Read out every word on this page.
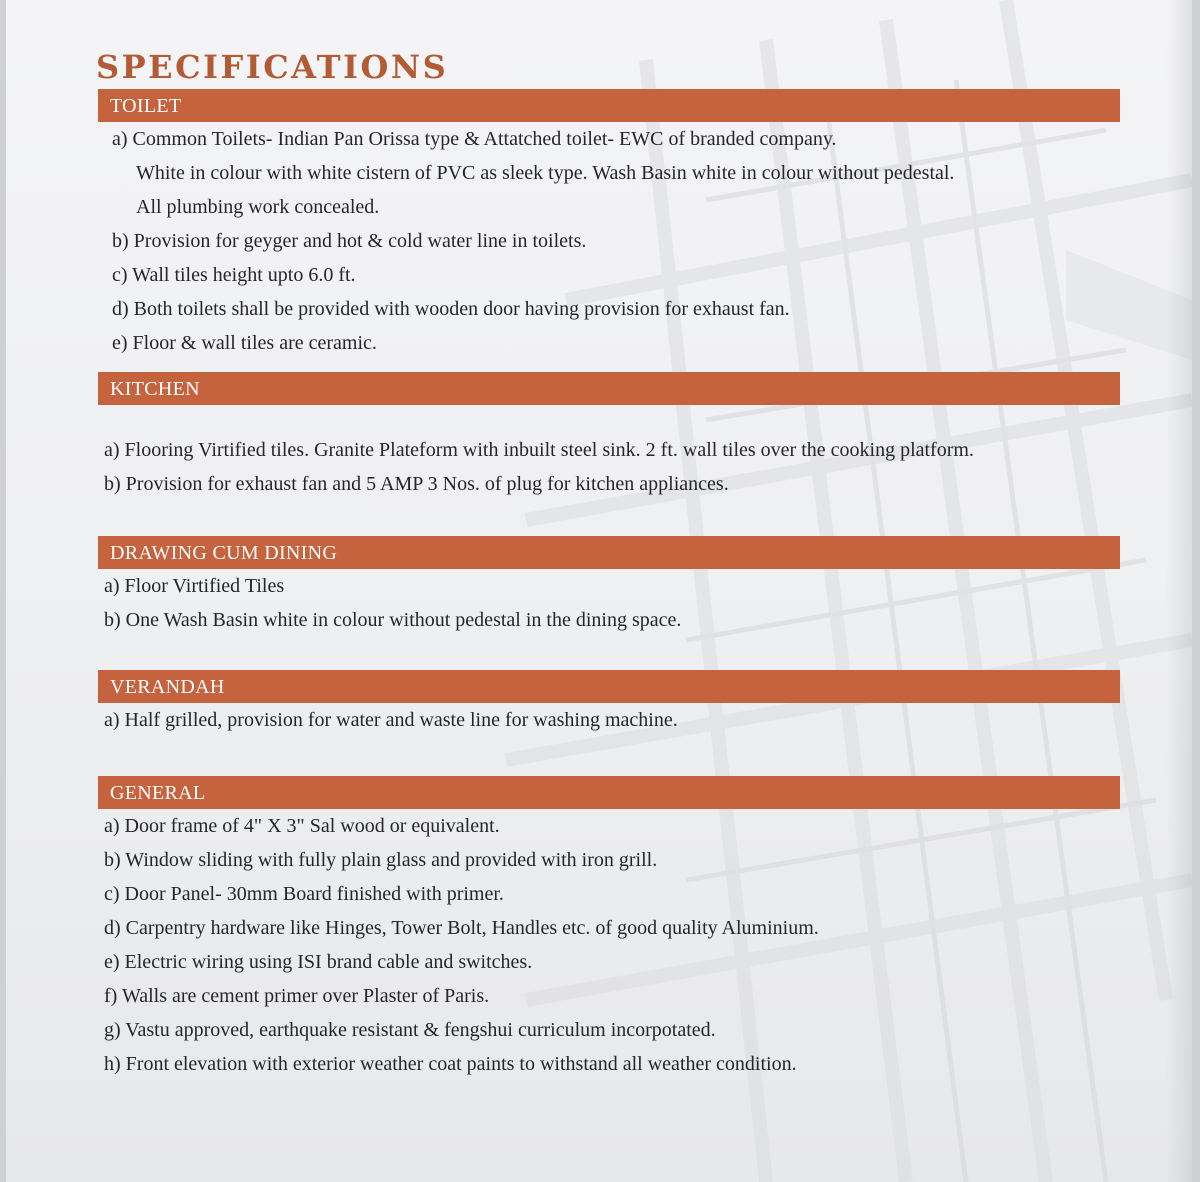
SPECIFICATIONS
TOILET
a) Common Toilets- Indian Pan Orissa type & Attatched toilet- EWC of branded company.
White in colour with white cistern of PVC as sleek type. Wash Basin white in colour without pedestal.
All plumbing work concealed.
b) Provision for geyger and hot & cold water line in toilets.
c) Wall tiles height upto 6.0 ft.
d) Both toilets shall be provided with wooden door having provision for exhaust fan.
e) Floor & wall tiles are ceramic.
KITCHEN
a) Flooring Virtified tiles. Granite Plateform with inbuilt steel sink. 2 ft. wall tiles over the cooking platform.
b) Provision for exhaust fan and 5 AMP 3 Nos. of plug for kitchen appliances.
DRAWING CUM DINING
a) Floor Virtified Tiles
b) One Wash Basin white in colour without pedestal in the dining space.
VERANDAH
a) Half grilled, provision for water and waste line for washing machine.
GENERAL
a) Door frame of 4" X 3" Sal wood or equivalent.
b) Window sliding with fully plain glass and provided with iron grill.
c) Door Panel- 30mm Board finished with primer.
d) Carpentry hardware like Hinges, Tower Bolt, Handles etc. of good quality Aluminium.
e) Electric wiring using ISI brand cable and switches.
f) Walls are cement primer over Plaster of Paris.
g) Vastu approved, earthquake resistant & fengshui curriculum incorpotated.
h) Front elevation with exterior weather coat paints to withstand all weather condition.
